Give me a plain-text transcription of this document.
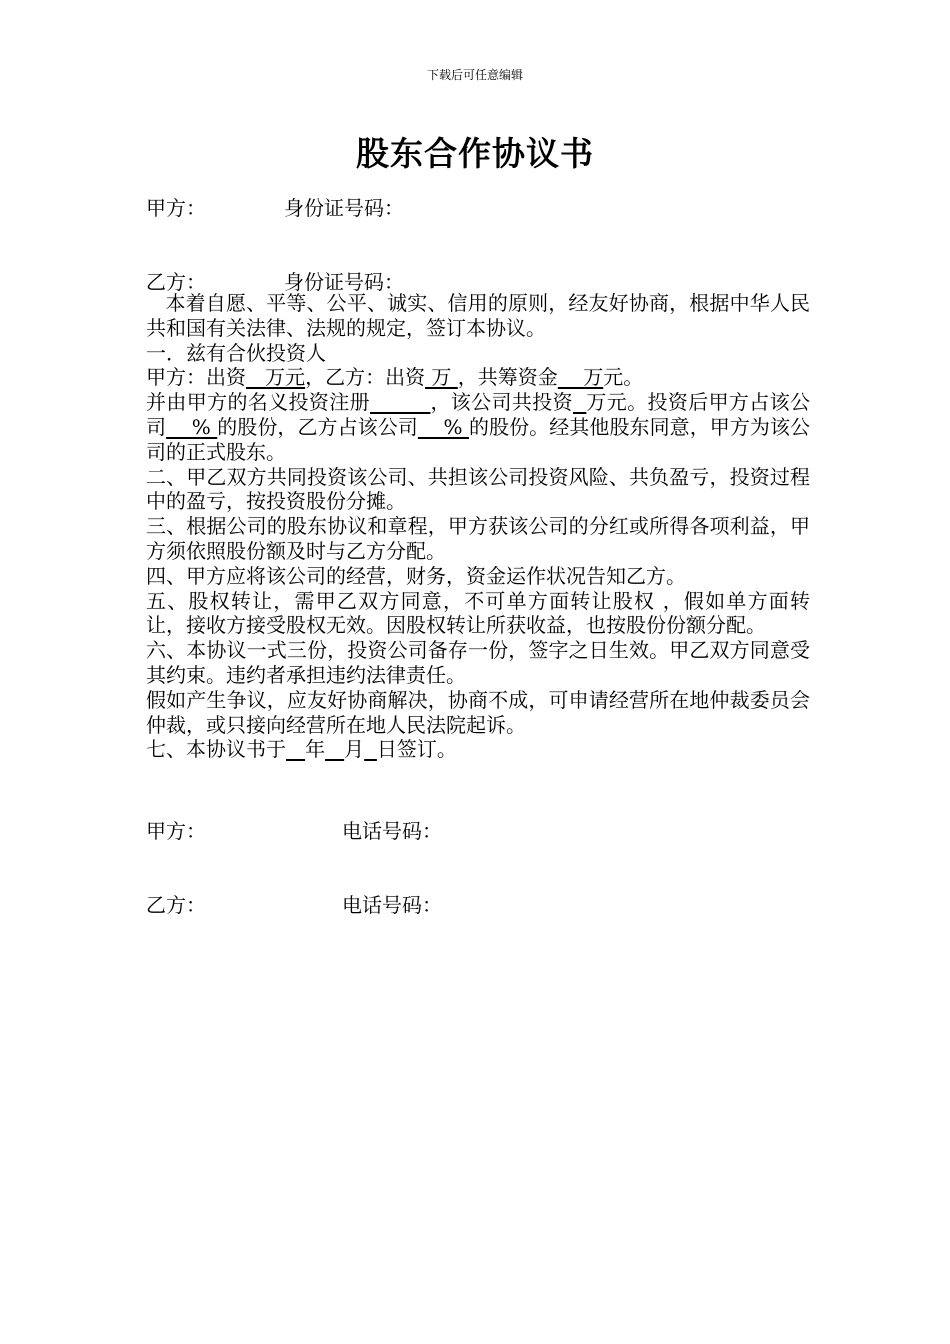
下载后可任意编辑
股东合作协议书
甲方：	身份证号码：
乙方：	身份证号码：

本着自愿、平等、公平、诚实、信用的原则，经友好协商，根据中华人民共和国有关法律、法规的规定，签订本协议。

一．兹有合伙投资人

甲方：出资   万元，乙方：出资 万 ，共筹资金    万元。

并由甲方的名义投资注册	，该公司共投资 万元。投资后甲方占该公司    % 的股份，乙方占该公司    % 的股份。经其他股东同意，甲方为该公司的正式股东。

二、甲乙双方共同投资该公司、共担该公司投资风险、共负盈亏，投资过程中的盈亏，按投资股份分摊。

三、根据公司的股东协议和章程，甲方获该公司的分红或所得各项利益，甲方须依照股份额及时与乙方分配。

四、甲方应将该公司的经营，财务，资金运作状况告知乙方。

五、股权转让，需甲乙双方同意，不可单方面转让股权 ，假如单方面转让，接收方接受股权无效。因股权转让所获收益，也按股份份额分配。

六、本协议一式三份，投资公司备存一份，签字之日生效。甲乙双方同意受其约束。违约者承担违约法律责任。

假如产生争议，应友好协商解决，协商不成，可申请经营所在地仲裁委员会仲裁，或只接向经营所在地人民法院起诉。

七、本协议书于 年 月 日签订。

甲方：	电话号码：
乙方：	电话号码：
